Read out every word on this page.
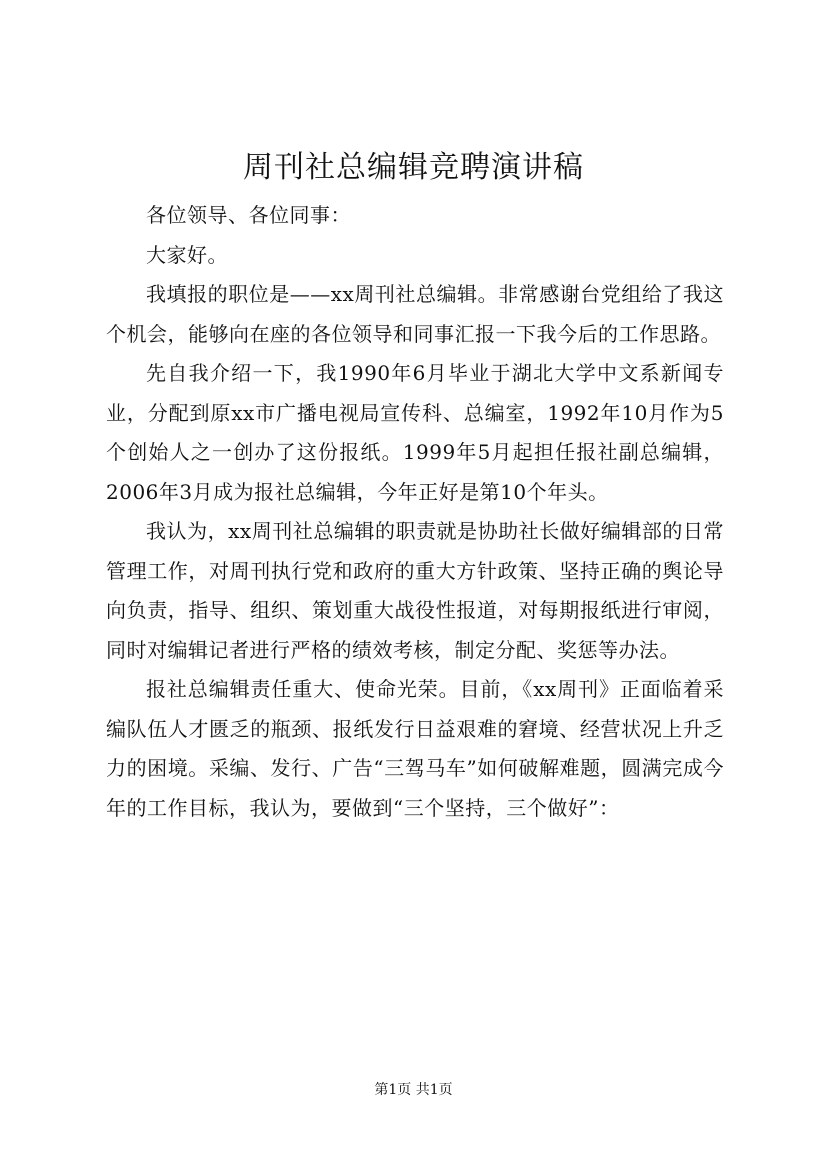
周刊社总编辑竞聘演讲稿

各位领导、各位同事：

大家好。

我填报的职位是——xx周刊社总编辑。非常感谢台党组给了我这个机会，能够向在座的各位领导和同事汇报一下我今后的工作思路。

先自我介绍一下，我1990年6月毕业于湖北大学中文系新闻专业，分配到原xx市广播电视局宣传科、总编室，1992年10月作为5个创始人之一创办了这份报纸。1999年5月起担任报社副总编辑，2006年3月成为报社总编辑，今年正好是第10个年头。

我认为，xx周刊社总编辑的职责就是协助社长做好编辑部的日常管理工作，对周刊执行党和政府的重大方针政策、坚持正确的舆论导向负责，指导、组织、策划重大战役性报道，对每期报纸进行审阅，同时对编辑记者进行严格的绩效考核，制定分配、奖惩等办法。

报社总编辑责任重大、使命光荣。目前，《xx周刊》正面临着采编队伍人才匮乏的瓶颈、报纸发行日益艰难的窘境、经营状况上升乏力的困境。采编、发行、广告“三驾马车”如何破解难题，圆满完成今年的工作目标，我认为，要做到“三个坚持，三个做好”：

第1页 共1页
